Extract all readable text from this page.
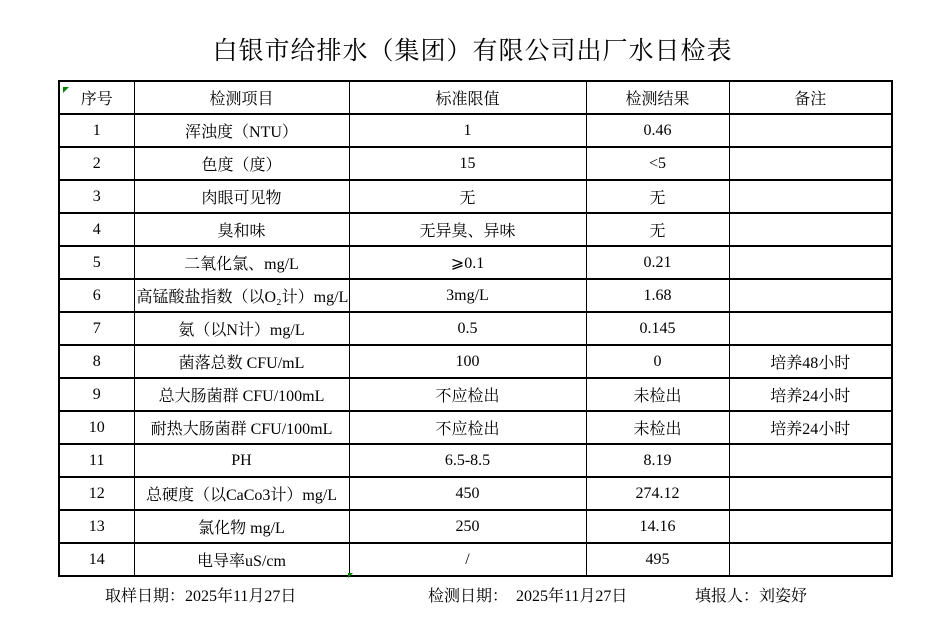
白银市给排水（集团）有限公司出厂水日检表
序号	检测项目	标准限值	检测结果	备注
1	浑浊度（NTU）	1	0.46	
2	色度（度）	15	<5	
3	肉眼可见物	无	无	
4	臭和味	无异臭、异味	无	
5	二氧化氯、mg/L	⩾0.1	0.21	
6	高锰酸盐指数（以O₂计）mg/L	3mg/L	1.68	
7	氨（以N计）mg/L	0.5	0.145	
8	菌落总数 CFU/mL	100	0	培养48小时
9	总大肠菌群 CFU/100mL	不应检出	未检出	培养24小时
10	耐热大肠菌群 CFU/100mL	不应检出	未检出	培养24小时
11	PH	6.5-8.5	8.19	
12	总硬度（以CaCo3计）mg/L	450	274.12	
13	氯化物 mg/L	250	14.16	
14	电导率uS/cm	/	495	
取样日期：2025年11月27日	检测日期：  2025年11月27日	填报人：刘姿妤
